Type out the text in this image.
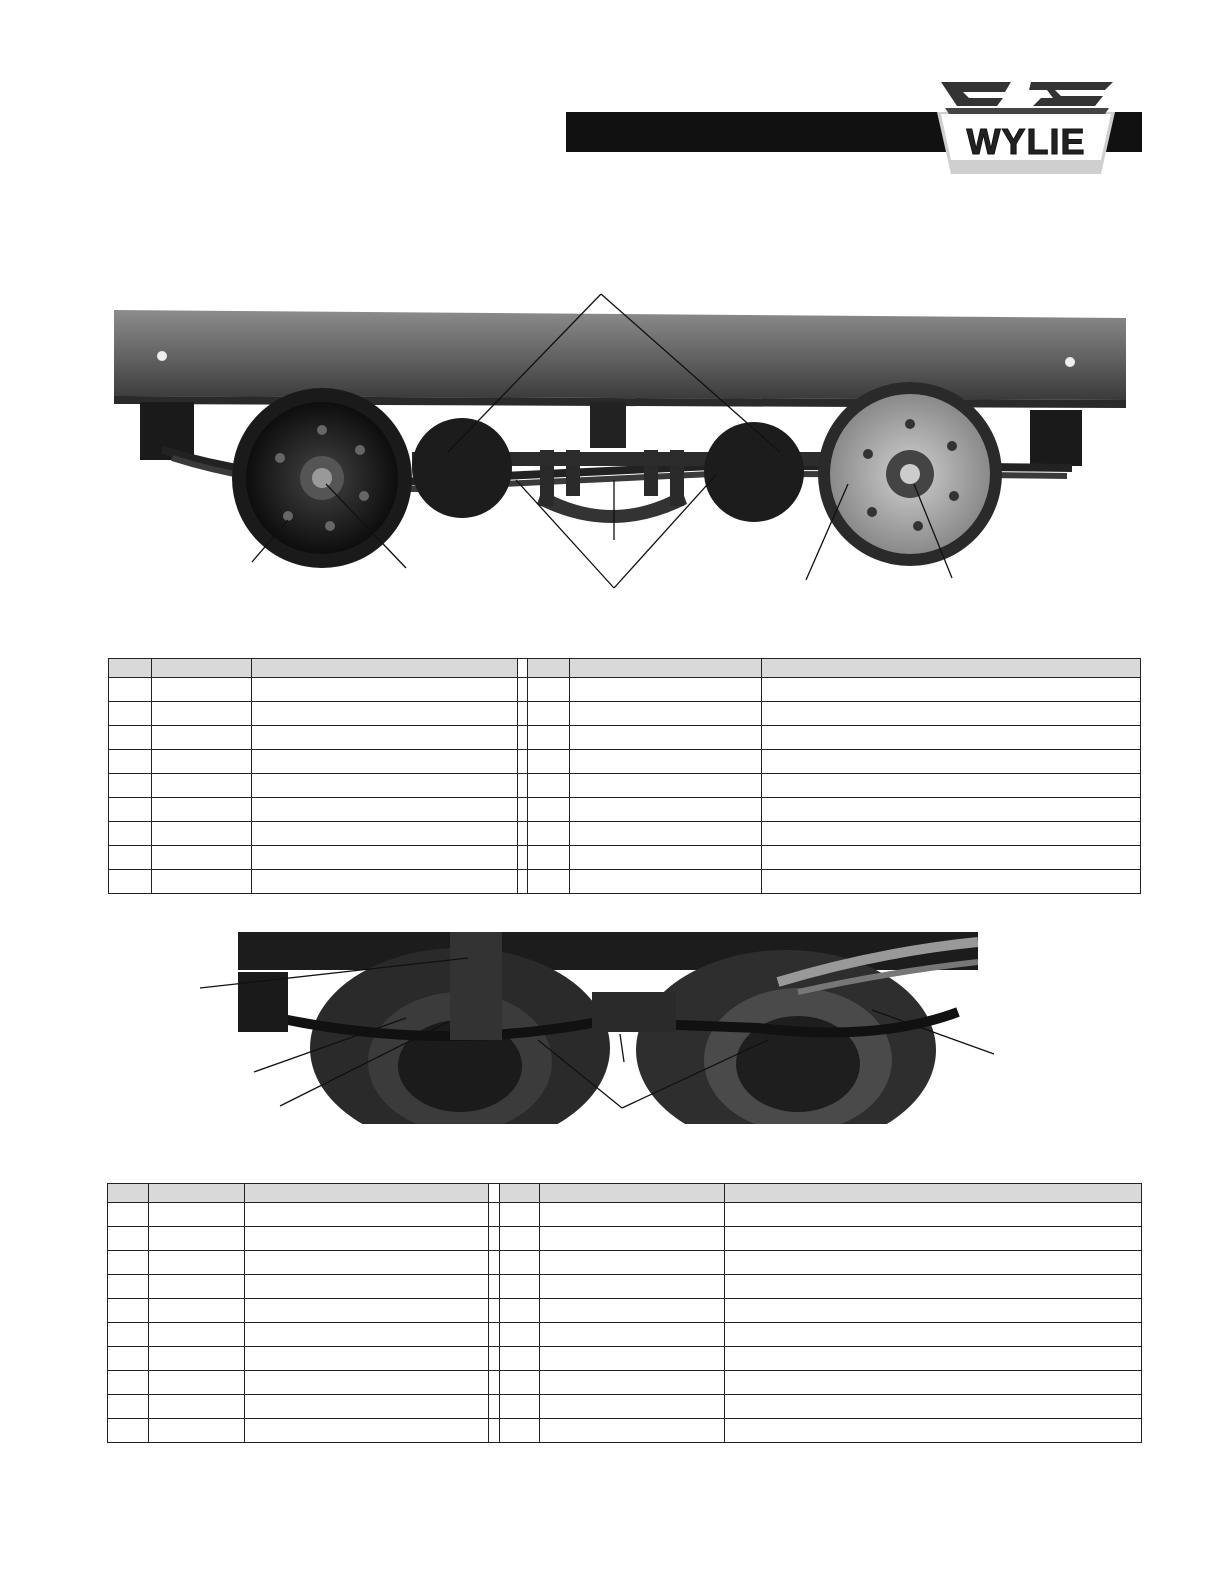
WYLIE
